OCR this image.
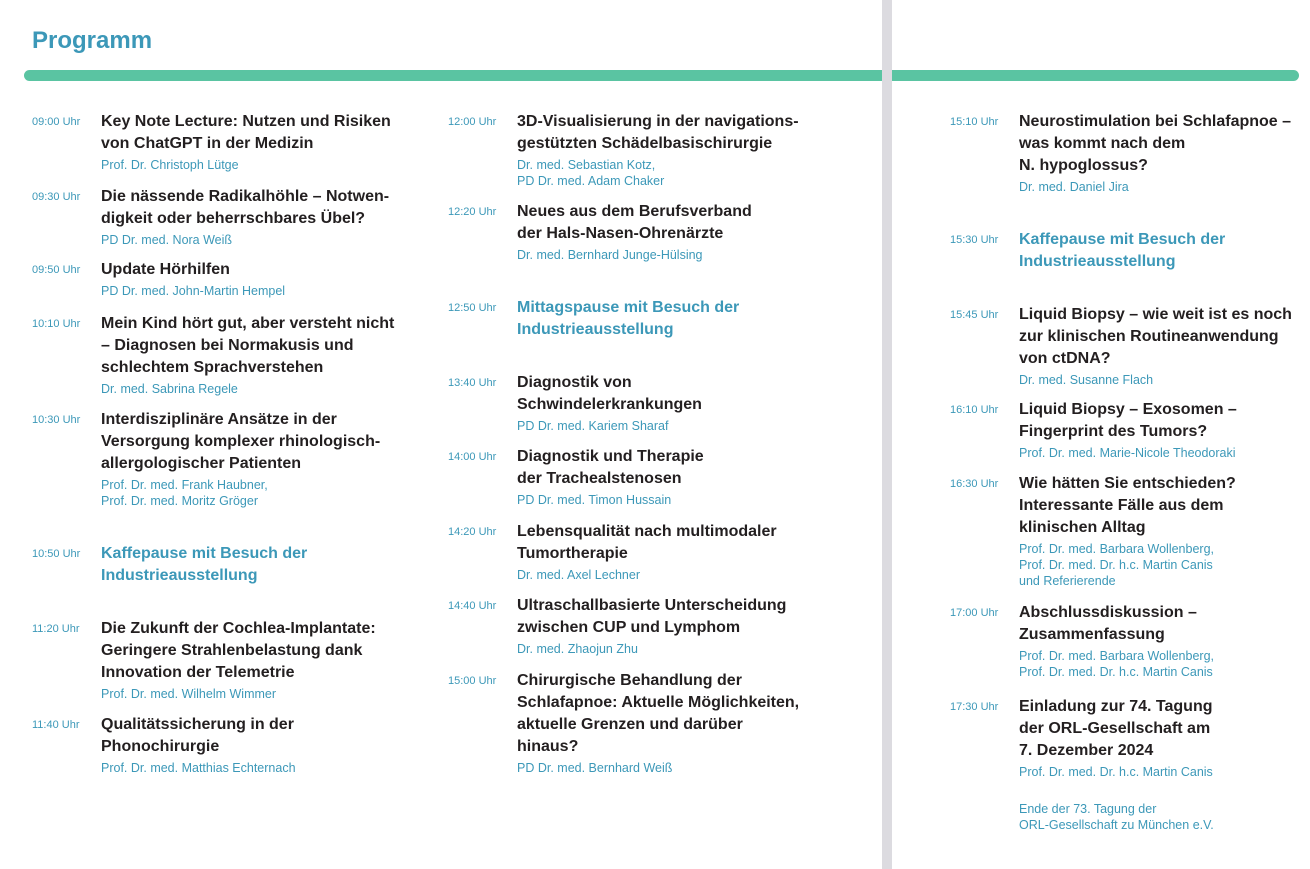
Programm
09:00 Uhr	Key Note Lecture: Nutzen und Risiken
von ChatGPT in der Medizin
Prof. Dr. Christoph Lütge
09:30 Uhr	Die nässende Radikalhöhle – Notwen-
digkeit oder beherrschbares Übel?
PD Dr. med. Nora Weiß
09:50 Uhr	Update Hörhilfen
PD Dr. med. John-Martin Hempel
10:10 Uhr	Mein Kind hört gut, aber versteht nicht
– Diagnosen bei Normakusis und
schlechtem Sprachverstehen
Dr. med. Sabrina Regele
10:30 Uhr	Interdisziplinäre Ansätze in der
Versorgung komplexer rhinologisch-
allergologischer Patienten
Prof. Dr. med. Frank Haubner,
Prof. Dr. med. Moritz Gröger
10:50 Uhr	Kaffepause mit Besuch der
Industrieausstellung
11:20 Uhr	Die Zukunft der Cochlea-Implantate:
Geringere Strahlenbelastung dank
Innovation der Telemetrie
Prof. Dr. med. Wilhelm Wimmer
11:40 Uhr	Qualitätssicherung in der
Phonochirurgie
Prof. Dr. med. Matthias Echternach
12:00 Uhr	3D-Visualisierung in der navigations-
gestützten Schädelbasischirurgie
Dr. med. Sebastian Kotz,
PD Dr. med. Adam Chaker
12:20 Uhr	Neues aus dem Berufsverband
der Hals-Nasen-Ohrenärzte
Dr. med. Bernhard Junge-Hülsing
12:50 Uhr	Mittagspause mit Besuch der
Industrieausstellung
13:40 Uhr	Diagnostik von
Schwindelerkrankungen
PD Dr. med. Kariem Sharaf
14:00 Uhr	Diagnostik und Therapie
der Trachealstenosen
PD Dr. med. Timon Hussain
14:20 Uhr	Lebensqualität nach multimodaler
Tumortherapie
Dr. med. Axel Lechner
14:40 Uhr	Ultraschallbasierte Unterscheidung
zwischen CUP und Lymphom
Dr. med. Zhaojun Zhu
15:00 Uhr	Chirurgische Behandlung der
Schlafapnoe: Aktuelle Möglichkeiten,
aktuelle Grenzen und darüber
hinaus?
PD Dr. med. Bernhard Weiß
15:10 Uhr	Neurostimulation bei Schlafapnoe –
was kommt nach dem
N. hypoglossus?
Dr. med. Daniel Jira
15:30 Uhr	Kaffepause mit Besuch der
Industrieausstellung
15:45 Uhr	Liquid Biopsy – wie weit ist es noch
zur klinischen Routineanwendung
von ctDNA?
Dr. med. Susanne Flach
16:10 Uhr	Liquid Biopsy – Exosomen –
Fingerprint des Tumors?
Prof. Dr. med. Marie-Nicole Theodoraki
16:30 Uhr	Wie hätten Sie entschieden?
Interessante Fälle aus dem
klinischen Alltag
Prof. Dr. med. Barbara Wollenberg,
Prof. Dr. med. Dr. h.c. Martin Canis
und Referierende
17:00 Uhr	Abschlussdiskussion –
Zusammenfassung
Prof. Dr. med. Barbara Wollenberg,
Prof. Dr. med. Dr. h.c. Martin Canis
17:30 Uhr	Einladung zur 74. Tagung
der ORL-Gesellschaft am
7. Dezember 2024
Prof. Dr. med. Dr. h.c. Martin Canis
Ende der 73. Tagung der
ORL-Gesellschaft zu München e.V.
